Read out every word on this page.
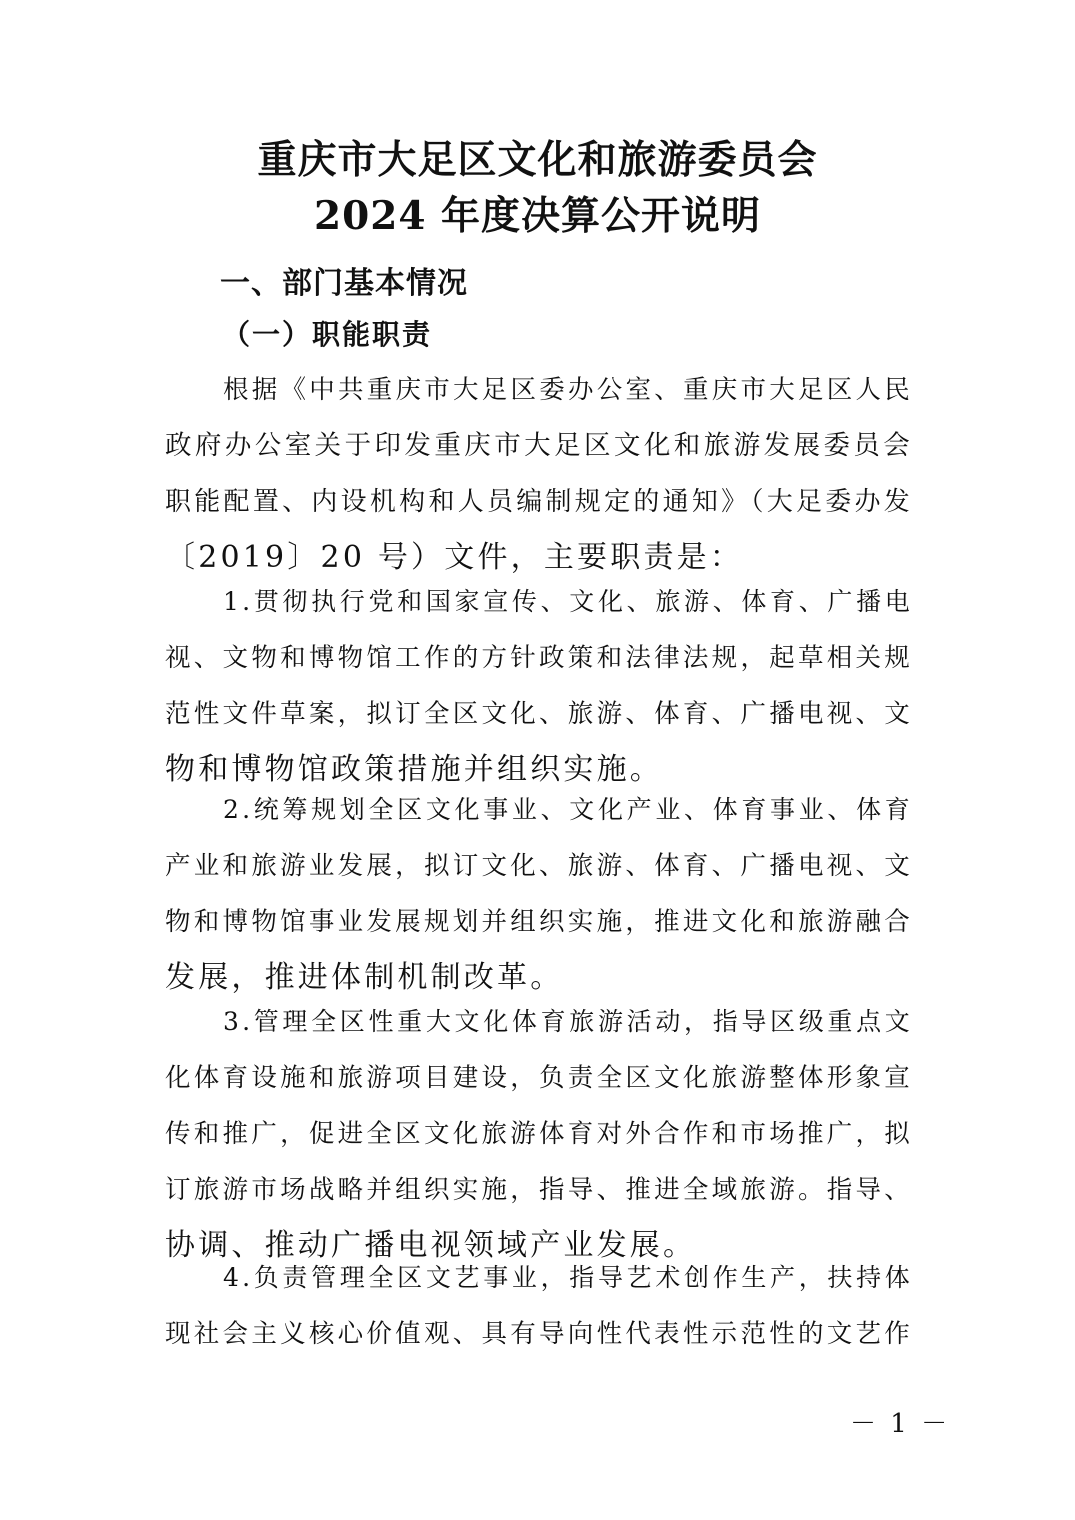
重庆市大足区文化和旅游委员会
2024 年度决算公开说明
一、部门基本情况
（一）职能职责
根据《中共重庆市大足区委办公室、重庆市大足区人民
政府办公室关于印发重庆市大足区文化和旅游发展委员会
职能配置、内设机构和人员编制规定的通知》（大足委办发
〔2019〕20 号）文件，主要职责是：
1.贯彻执行党和国家宣传、文化、旅游、体育、广播电
视、文物和博物馆工作的方针政策和法律法规，起草相关规
范性文件草案，拟订全区文化、旅游、体育、广播电视、文
物和博物馆政策措施并组织实施。
2.统筹规划全区文化事业、文化产业、体育事业、体育
产业和旅游业发展，拟订文化、旅游、体育、广播电视、文
物和博物馆事业发展规划并组织实施，推进文化和旅游融合
发展，推进体制机制改革。
3.管理全区性重大文化体育旅游活动，指导区级重点文
化体育设施和旅游项目建设，负责全区文化旅游整体形象宣
传和推广，促进全区文化旅游体育对外合作和市场推广，拟
订旅游市场战略并组织实施，指导、推进全域旅游。指导、
协调、推动广播电视领域产业发展。
4.负责管理全区文艺事业，指导艺术创作生产，扶持体
现社会主义核心价值观、具有导向性代表性示范性的文艺作
－ 1 －
